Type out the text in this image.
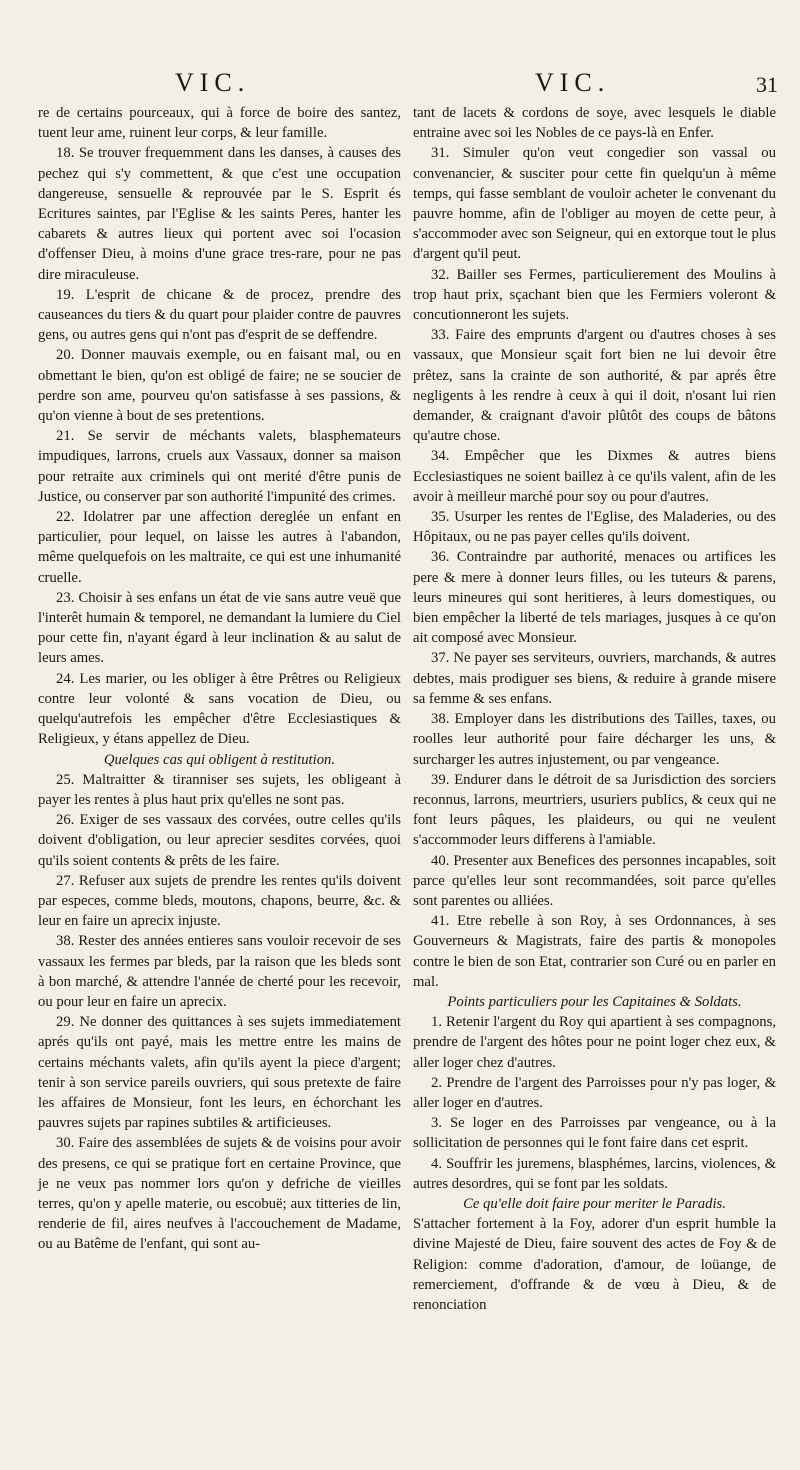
VIC.	VIC.	31

re de certains pourceaux, qui à force de boire des santez, tuent leur ame, ruinent leur corps, & leur famille.

18. Se trouver frequemment dans les danses, à causes des pechez qui s'y commettent, & que c'est une occupation dangereuse, sensuelle & reprouvée par le S. Esprit és Ecritures saintes, par l'Eglise & les saints Peres, hanter les cabarets & autres lieux qui portent avec soi l'ocasion d'offenser Dieu, à moins d'une grace tres-rare, pour ne pas dire miraculeuse.

19. L'esprit de chicane & de procez, prendre des causeances du tiers & du quart pour plaider contre de pauvres gens, ou autres gens qui n'ont pas d'esprit de se deffendre.

20. Donner mauvais exemple, ou en faisant mal, ou en obmettant le bien, qu'on est obligé de faire; ne se soucier de perdre son ame, pourveu qu'on satisfasse à ses passions, & qu'on vienne à bout de ses pretentions.

21. Se servir de méchants valets, blasphemateurs impudiques, larrons, cruels aux Vassaux, donner sa maison pour retraite aux criminels qui ont merité d'être punis de Justice, ou conserver par son authorité l'impunité des crimes.

22. Idolatrer par une affection dereglée un enfant en particulier, pour lequel, on laisse les autres à l'abandon, même quelquefois on les maltraite, ce qui est une inhumanité cruelle.

23. Choisir à ses enfans un état de vie sans autre veuë que l'interêt humain & temporel, ne demandant la lumiere du Ciel pour cette fin, n'ayant égard à leur inclination & au salut de leurs ames.

24. Les marier, ou les obliger à être Prêtres ou Religieux contre leur volonté & sans vocation de Dieu, ou quelqu'autrefois les empêcher d'être Ecclesiastiques & Religieux, y étans appellez de Dieu.

Quelques cas qui obligent à restitution.

25. Maltraitter & tiranniser ses sujets, les obligeant à payer les rentes à plus haut prix qu'elles ne sont pas.

26. Exiger de ses vassaux des corvées, outre celles qu'ils doivent d'obligation, ou leur aprecier sesdites corvées, quoi qu'ils soient contents & prêts de les faire.

27. Refuser aux sujets de prendre les rentes qu'ils doivent par especes, comme bleds, moutons, chapons, beurre, &c. & leur en faire un aprecix injuste.

38. Rester des années entieres sans vouloir recevoir de ses vassaux les fermes par bleds, par la raison que les bleds sont à bon marché, & attendre l'année de cherté pour les recevoir, ou pour leur en faire un aprecix.

29. Ne donner des quittances à ses sujets immediatement aprés qu'ils ont payé, mais les mettre entre les mains de certains méchants valets, afin qu'ils ayent la piece d'argent; tenir à son service pareils ouvriers, qui sous pretexte de faire les affaires de Monsieur, font les leurs, en échorchant les pauvres sujets par rapines subtiles & artificieuses.

30. Faire des assemblées de sujets & de voisins pour avoir des presens, ce qui se pratique fort en certaine Province, que je ne veux pas nommer lors qu'on y defriche de vieilles terres, qu'on y apelle materie, ou escobuë; aux titteries de lin, renderie de fil, aires neufves à l'accouchement de Madame, ou au Batême de l'enfant, qui sont au-

tant de lacets & cordons de soye, avec lesquels le diable entraine avec soi les Nobles de ce pays-là en Enfer.

31. Simuler qu'on veut congedier son vassal ou convenancier, & susciter pour cette fin quelqu'un à même temps, qui fasse semblant de vouloir acheter le convenant du pauvre homme, afin de l'obliger au moyen de cette peur, à s'accommoder avec son Seigneur, qui en extorque tout le plus d'argent qu'il peut.

32. Bailler ses Fermes, particulierement des Moulins à trop haut prix, sçachant bien que les Fermiers voleront & concutionneront les sujets.

33. Faire des emprunts d'argent ou d'autres choses à ses vassaux, que Monsieur sçait fort bien ne lui devoir être prêtez, sans la crainte de son authorité, & par aprés être negligents à les rendre à ceux à qui il doit, n'osant lui rien demander, & craignant d'avoir plûtôt des coups de bâtons qu'autre chose.

34. Empêcher que les Dixmes & autres biens Ecclesiastiques ne soient baillez à ce qu'ils valent, afin de les avoir à meilleur marché pour soy ou pour d'autres.

35. Usurper les rentes de l'Eglise, des Maladeries, ou des Hôpitaux, ou ne pas payer celles qu'ils doivent.

36. Contraindre par authorité, menaces ou artifices les pere & mere à donner leurs filles, ou les tuteurs & parens, leurs mineures qui sont heritieres, à leurs domestiques, ou bien empêcher la liberté de tels mariages, jusques à ce qu'on ait composé avec Monsieur.

37. Ne payer ses serviteurs, ouvriers, marchands, & autres debtes, mais prodiguer ses biens, & reduire à grande misere sa femme & ses enfans.

38. Employer dans les distributions des Tailles, taxes, ou roolles leur authorité pour faire décharger les uns, & surcharger les autres injustement, ou par vengeance.

39. Endurer dans le détroit de sa Jurisdiction des sorciers reconnus, larrons, meurtriers, usuriers publics, & ceux qui ne font leurs pâques, les plaideurs, ou qui ne veulent s'accommoder leurs differens à l'amiable.

40. Presenter aux Benefices des personnes incapables, soit parce qu'elles leur sont recommandées, soit parce qu'elles sont parentes ou alliées.

41. Etre rebelle à son Roy, à ses Ordonnances, à ses Gouverneurs & Magistrats, faire des partis & monopoles contre le bien de son Etat, contrarier son Curé ou en parler en mal.

Points particuliers pour les Capitaines & Soldats.

1. Retenir l'argent du Roy qui apartient à ses compagnons, prendre de l'argent des hôtes pour ne point loger chez eux, & aller loger chez d'autres.

2. Prendre de l'argent des Parroisses pour n'y pas loger, & aller loger en d'autres.

3. Se loger en des Parroisses par vengeance, ou à la sollicitation de personnes qui le font faire dans cet esprit.

4. Souffrir les juremens, blasphémes, larcins, violences, & autres desordres, qui se font par les soldats.

Ce qu'elle doit faire pour meriter le Paradis.

S'attacher fortement à la Foy, adorer d'un esprit humble la divine Majesté de Dieu, faire souvent des actes de Foy & de Religion: comme d'adoration, d'amour, de loüange, de remerciement, d'offrande & de vœu à Dieu, & de renonciation
